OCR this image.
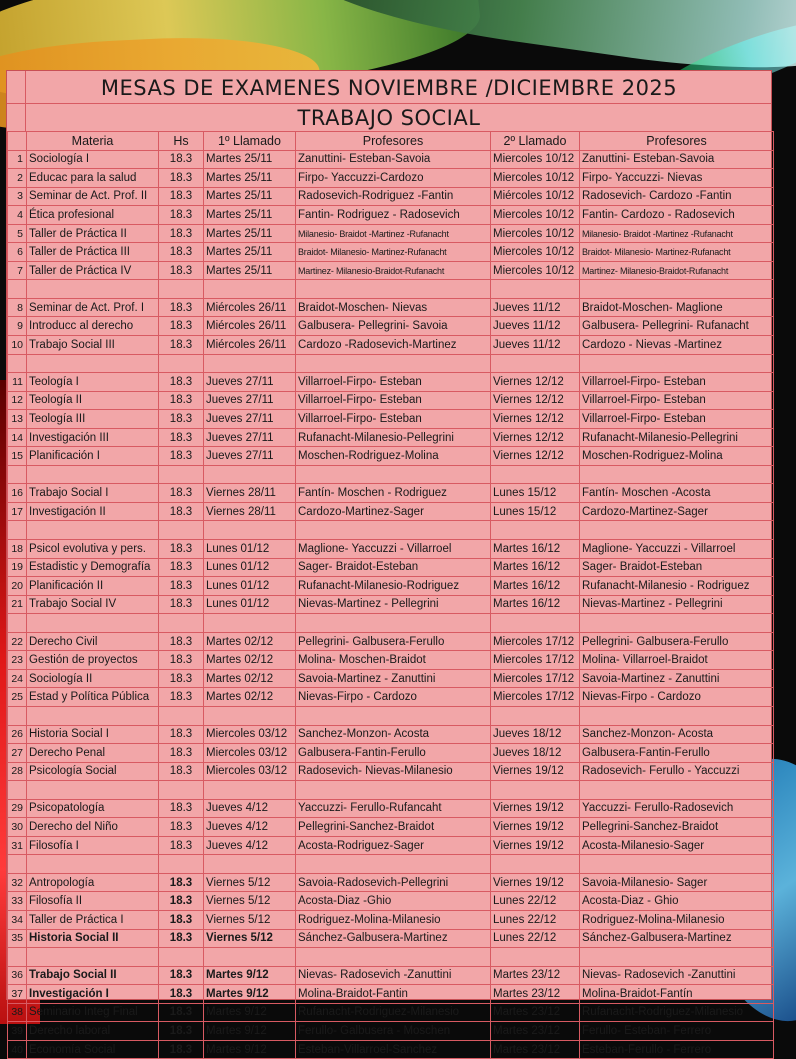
MESAS DE EXAMENES NOVIEMBRE /DICIEMBRE 2025
TRABAJO SOCIAL
	Materia	Hs	1º Llamado	Profesores	2º Llamado	Profesores
1	Sociología I	18.3	Martes 25/11	Zanuttini- Esteban-Savoia	Miercoles 10/12	Zanuttini- Esteban-Savoia
2	Educac para la salud	18.3	Martes 25/11	Firpo- Yaccuzzi-Cardozo	Miercoles 10/12	Firpo- Yaccuzzi- Nievas
3	Seminar de Act. Prof. II	18.3	Martes 25/11	Radosevich-Rodriguez -Fantin	Miércoles 10/12	Radosevich- Cardozo -Fantin
4	Ética profesional	18.3	Martes 25/11	Fantin- Rodriguez - Radosevich	Miercoles 10/12	Fantin- Cardozo - Radosevich
5	Taller de Práctica II	18.3	Martes 25/11	Milanesio- Braidot -Martinez -Rufanacht	Miercoles 10/12	Milanesio- Braidot -Martinez -Rufanacht
6	Taller de Práctica III	18.3	Martes 25/11	Braidot- Milanesio- Martinez-Rufanacht	Miercoles 10/12	Braidot- Milanesio- Martinez-Rufanacht
7	Taller de Práctica IV	18.3	Martes 25/11	Martinez- Milanesio-Braidot-Rufanacht	Miercoles 10/12	Martinez- Milanesio-Braidot-Rufanacht

8	Seminar de Act. Prof. I	18.3	Miércoles 26/11	Braidot-Moschen- Nievas	Jueves 11/12	Braidot-Moschen- Maglione
9	Introducc al derecho	18.3	Miércoles 26/11	Galbusera- Pellegrini- Savoia	Jueves 11/12	Galbusera- Pellegrini- Rufanacht
10	Trabajo Social III	18.3	Miércoles 26/11	Cardozo -Radosevich-Martinez	Jueves 11/12	Cardozo - Nievas -Martinez

11	Teología I	18.3	Jueves 27/11	Villarroel-Firpo- Esteban	Viernes 12/12	Villarroel-Firpo- Esteban
12	Teología II	18.3	Jueves 27/11	Villarroel-Firpo- Esteban	Viernes 12/12	Villarroel-Firpo- Esteban
13	Teología III	18.3	Jueves 27/11	Villarroel-Firpo- Esteban	Viernes 12/12	Villarroel-Firpo- Esteban
14	Investigación III	18.3	Jueves 27/11	Rufanacht-Milanesio-Pellegrini	Viernes 12/12	Rufanacht-Milanesio-Pellegrini
15	Planificación I	18.3	Jueves 27/11	Moschen-Rodriguez-Molina	Viernes 12/12	Moschen-Rodriguez-Molina

16	Trabajo Social I	18.3	Viernes 28/11	Fantín- Moschen - Rodriguez	Lunes 15/12	Fantín- Moschen -Acosta
17	Investigación II	18.3	Viernes 28/11	Cardozo-Martinez-Sager	Lunes 15/12	Cardozo-Martinez-Sager

18	Psicol evolutiva y pers.	18.3	Lunes 01/12	Maglione- Yaccuzzi - Villarroel	Martes 16/12	Maglione- Yaccuzzi - Villarroel
19	Estadistic y Demografía	18.3	Lunes 01/12	Sager- Braidot-Esteban	Martes 16/12	Sager- Braidot-Esteban
20	Planificación II	18.3	Lunes 01/12	Rufanacht-Milanesio-Rodriguez	Martes 16/12	Rufanacht-Milanesio - Rodriguez
21	Trabajo Social IV	18.3	Lunes 01/12	Nievas-Martinez - Pellegrini	Martes 16/12	Nievas-Martinez - Pellegrini

22	Derecho Civil	18.3	Martes 02/12	Pellegrini- Galbusera-Ferullo	Miercoles 17/12	Pellegrini- Galbusera-Ferullo
23	Gestión de proyectos	18.3	Martes 02/12	Molina- Moschen-Braidot	Miercoles 17/12	Molina- Villarroel-Braidot
24	Sociología II	18.3	Martes 02/12	Savoia-Martinez - Zanuttini	Miercoles 17/12	Savoia-Martinez - Zanuttini
25	Estad y Política Pública	18.3	Martes 02/12	Nievas-Firpo - Cardozo	Miercoles 17/12	Nievas-Firpo - Cardozo

26	Historia Social I	18.3	Miercoles 03/12	Sanchez-Monzon- Acosta	Jueves 18/12	Sanchez-Monzon- Acosta
27	Derecho Penal	18.3	Miercoles 03/12	Galbusera-Fantin-Ferullo	Jueves 18/12	Galbusera-Fantin-Ferullo
28	Psicología Social	18.3	Miercoles 03/12	Radosevich- Nievas-Milanesio	Viernes 19/12	Radosevich- Ferullo - Yaccuzzi

29	Psicopatología	18.3	Jueves 4/12	Yaccuzzi- Ferullo-Rufancaht	Viernes 19/12	Yaccuzzi- Ferullo-Radosevich
30	Derecho del Niño	18.3	Jueves 4/12	Pellegrini-Sanchez-Braidot	Viernes 19/12	Pellegrini-Sanchez-Braidot
31	Filosofía I	18.3	Jueves 4/12	Acosta-Rodriguez-Sager	Viernes 19/12	Acosta-Milanesio-Sager

32	Antropología	18.3	Viernes 5/12	Savoia-Radosevich-Pellegrini	Viernes 19/12	Savoia-Milanesio- Sager
33	Filosofía II	18.3	Viernes 5/12	Acosta-Diaz -Ghio	Lunes 22/12	Acosta-Diaz - Ghio
34	Taller de Práctica I	18.3	Viernes 5/12	Rodriguez-Molina-Milanesio	Lunes 22/12	Rodriguez-Molina-Milanesio
35	Historia Social II	18.3	Viernes 5/12	Sánchez-Galbusera-Martinez	Lunes 22/12	Sánchez-Galbusera-Martinez

36	Trabajo Social II	18.3	Martes 9/12	Nievas- Radosevich -Zanuttini	Martes 23/12	Nievas- Radosevich -Zanuttini
37	Investigación I	18.3	Martes 9/12	Molina-Braidot-Fantin	Martes 23/12	Molina-Braidot-Fantín
38	Seminario Integ Final	18.3	Martes 9/12	Rufanacht-Rodriguez-Milanesio	Martes 23/12	Rufanacht-Rodriguez-Milanesio
39	Derecho laboral	18.3	Martes 9/12	Ferullo- Galbusera - Moschen	Martes 23/12	Ferullo- Esteban- Ferrero
40	Economía Social	18.3	Martes 9/12	Esteban-Villarroel-Sanchez	Martes 23/12	Esteban-Ferullo - Ferrero
